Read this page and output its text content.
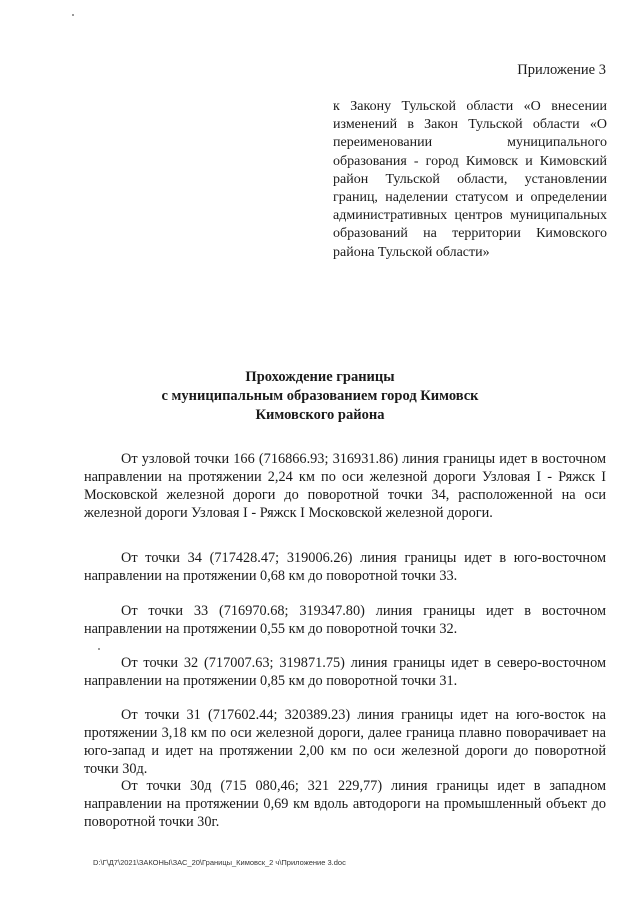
Приложение 3
к Закону Тульской области «О внесении изменений в Закон Тульской области «О переименовании муниципального образования - город Кимовск и Кимовский район Тульской области, установлении границ, наделении статусом и определении административных центров муниципальных образований на территории Кимовского района Тульской области»
Прохождение границы
с муниципальным образованием город Кимовск
Кимовского района
От узловой точки 166 (716866.93; 316931.86) линия границы идет в восточном направлении на протяжении 2,24 км по оси железной дороги Узловая I - Ряжск I Московской железной дороги до поворотной точки 34, расположенной на оси железной дороги Узловая I - Ряжск I Московской железной дороги.
От точки 34 (717428.47; 319006.26) линия границы идет в юго-восточном направлении на протяжении 0,68 км до поворотной точки 33.
От точки 33 (716970.68; 319347.80) линия границы идет в восточном направлении на протяжении 0,55 км до поворотной точки 32.
От точки 32 (717007.63; 319871.75) линия границы идет в северо-восточном направлении на протяжении 0,85 км до поворотной точки 31.
От точки 31 (717602.44; 320389.23) линия границы идет на юго-восток на протяжении 3,18 км по оси железной дороги, далее граница плавно поворачивает на юго-запад и идет на протяжении 2,00 км по оси железной дороги до поворотной точки 30д.
От точки 30д (715 080,46; 321 229,77) линия границы идет в западном направлении на протяжении 0,69 км вдоль автодороги на промышленный объект до поворотной точки 30г.
D:\Г\Д7\2021\ЗАКОНЫ\ЗАС_20\Границы_Кимовск_2 ч\Приложение 3.doc
